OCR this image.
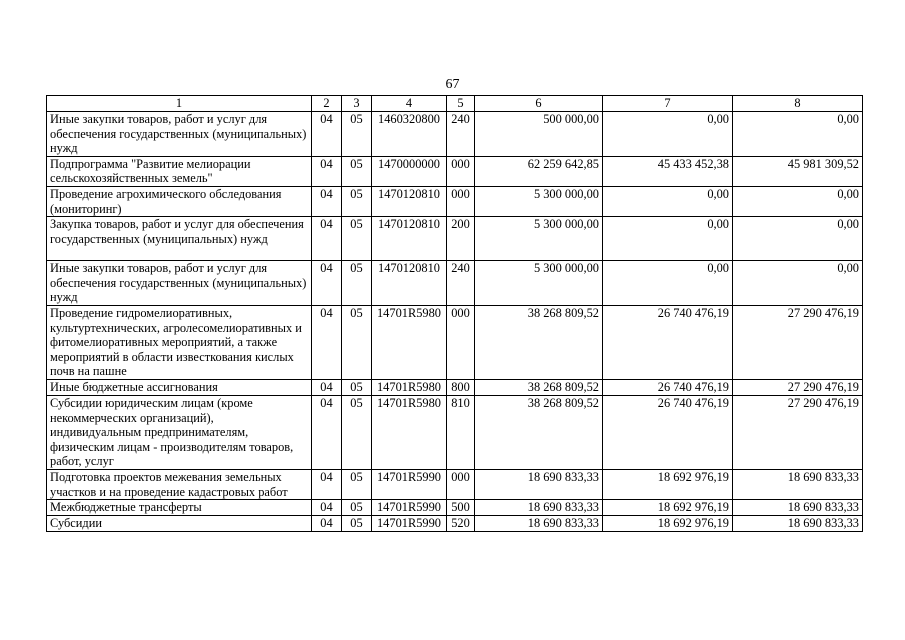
67
1	2	3	4	5	6	7	8
Иные закупки товаров, работ и услуг для обеспечения государственных (муниципальных) нужд	04	05	1460320800	240	500 000,00	0,00	0,00
Подпрограмма "Развитие мелиорации сельскохозяйственных земель"	04	05	1470000000	000	62 259 642,85	45 433 452,38	45 981 309,52
Проведение агрохимического обследования (мониторинг)	04	05	1470120810	000	5 300 000,00	0,00	0,00
Закупка товаров, работ и услуг для обеспечения государственных (муниципальных) нужд	04	05	1470120810	200	5 300 000,00	0,00	0,00
Иные закупки товаров, работ и услуг для обеспечения государственных (муниципальных) нужд	04	05	1470120810	240	5 300 000,00	0,00	0,00
Проведение гидромелиоративных, культуртехнических, агролесомелиоративных и фитомелиоративных мероприятий, а также мероприятий в области известкования кислых почв на пашне	04	05	14701R5980	000	38 268 809,52	26 740 476,19	27 290 476,19
Иные бюджетные ассигнования	04	05	14701R5980	800	38 268 809,52	26 740 476,19	27 290 476,19
Субсидии юридическим лицам (кроме некоммерческих организаций), индивидуальным предпринимателям, физическим лицам - производителям товаров, работ, услуг	04	05	14701R5980	810	38 268 809,52	26 740 476,19	27 290 476,19
Подготовка проектов межевания земельных участков и на проведение кадастровых работ	04	05	14701R5990	000	18 690 833,33	18 692 976,19	18 690 833,33
Межбюджетные трансферты	04	05	14701R5990	500	18 690 833,33	18 692 976,19	18 690 833,33
Субсидии	04	05	14701R5990	520	18 690 833,33	18 692 976,19	18 690 833,33
